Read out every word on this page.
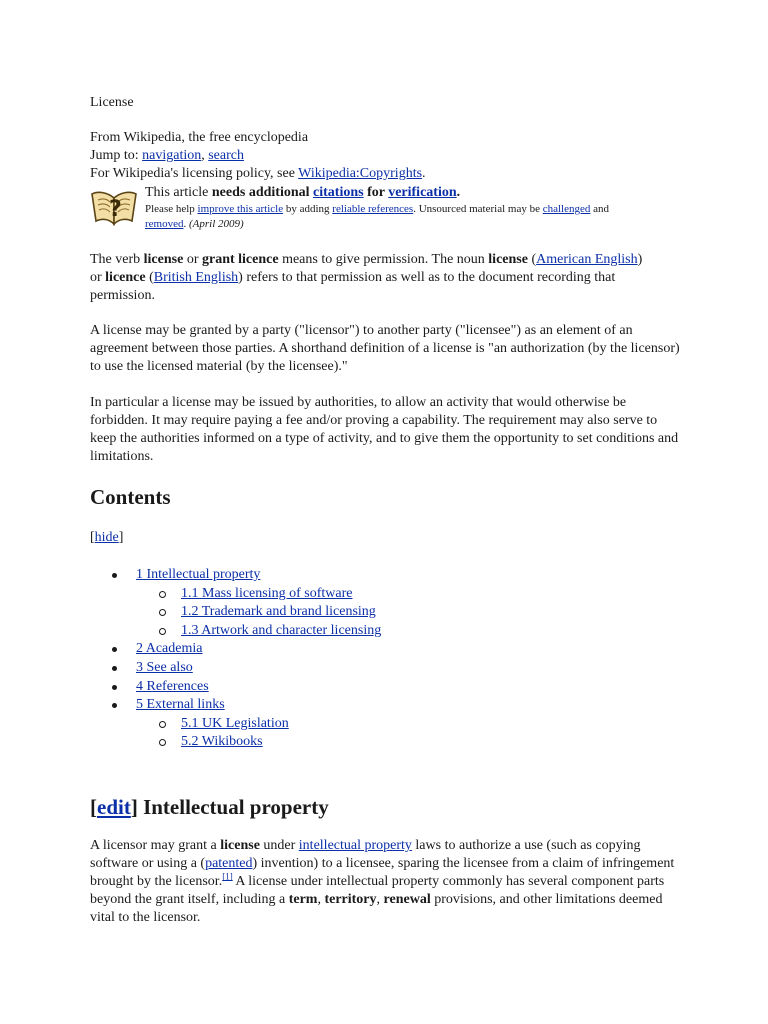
License

From Wikipedia, the free encyclopedia

Jump to: navigation, search

For Wikipedia's licensing policy, see Wikipedia:Copyrights.

?

This article needs additional citations for verification.

Please help improve this article by adding reliable references. Unsourced material may be challenged and
removed. (April 2009)

The verb license or grant licence means to give permission. The noun license (American English) or licence (British English) refers to that permission as well as to the document recording that permission.

A license may be granted by a party ("licensor") to another party ("licensee") as an element of an agreement between those parties. A shorthand definition of a license is "an authorization (by the licensor) to use the licensed material (by the licensee)."

In particular a license may be issued by authorities, to allow an activity that would otherwise be forbidden. It may require paying a fee and/or proving a capability. The requirement may also serve to keep the authorities informed on a type of activity, and to give them the opportunity to set conditions and limitations.

Contents

[hide]

1 Intellectual property
1.1 Mass licensing of software
1.2 Trademark and brand licensing
1.3 Artwork and character licensing
2 Academia
3 See also
4 References
5 External links
5.1 UK Legislation
5.2 Wikibooks
[edit] Intellectual property

A licensor may grant a license under intellectual property laws to authorize a use (such as copying software or using a (patented) invention) to a licensee, sparing the licensee from a claim of infringement brought by the licensor.[1] A license under intellectual property commonly has several component parts beyond the grant itself, including a term, territory, renewal provisions, and other limitations deemed vital to the licensor.
